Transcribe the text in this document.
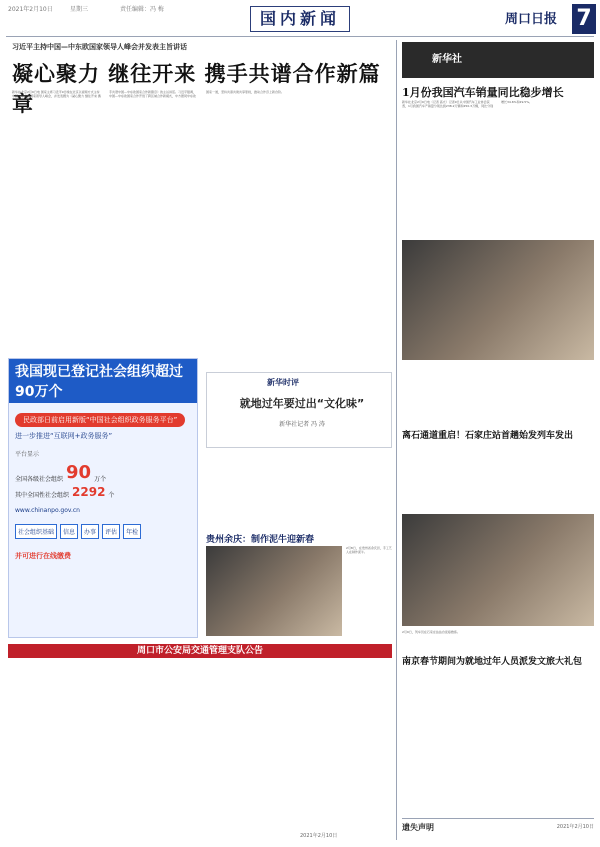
2021年2月10日	星期三	责任编辑：冯 梅	国内新闻	周口日报 7
习近平主持中国—中东欧国家领导人峰会并发表主旨讲话
凝心聚力 继往开来 携手共谱合作新篇章
新华社北京2月9日电 国家主席习近平9日晚在北京以视频方式主持中国—中东欧国家领导人峰会，并发表题为《凝心聚力 继往开来 携手共谱中国—中东欧国家合作新篇章》的主旨讲话。习近平强调，中国—中东欧国家合作开创了跨区域合作新模式，中方愿同中东欧国家一道，坚持共商共建共享原则，推动合作迈上新台阶。
新华社
1月份我国汽车销量同比稳步增长
新华社北京2月9日电（记者 高亢）记者9日从中国汽车工业协会获悉，1月我国汽车产销量分别达到238.2万辆和250.3万辆，同比分别增长34.6%和29.5%。
我国现已登记社会组织超过90万个
民政部日前启用新版“中国社会组织政务服务平台”
进一步推进“互联网+政务服务”
平台显示
全国各级社会组织 90 万个
其中全国性社会组织 2292 个
www.chinanpo.gov.cn
社会组织基础	信息	办事	评估	年检
并可进行在线缴费
新华时评
就地过年要过出“文化味”
新华社记者 冯 涛
贵州余庆：制作泥牛迎新春
2月8日，在贵州省余庆县，手工艺人在制作泥牛。
离石通道重启！石家庄站首趟始发列车发出
2月9日，列车员在石家庄站站台迎接旅客。
南京春节期间为就地过年人员派发文旅大礼包
周口市公安局交通管理支队公告
2021年2月10日
遗失声明	2021年2月10日
